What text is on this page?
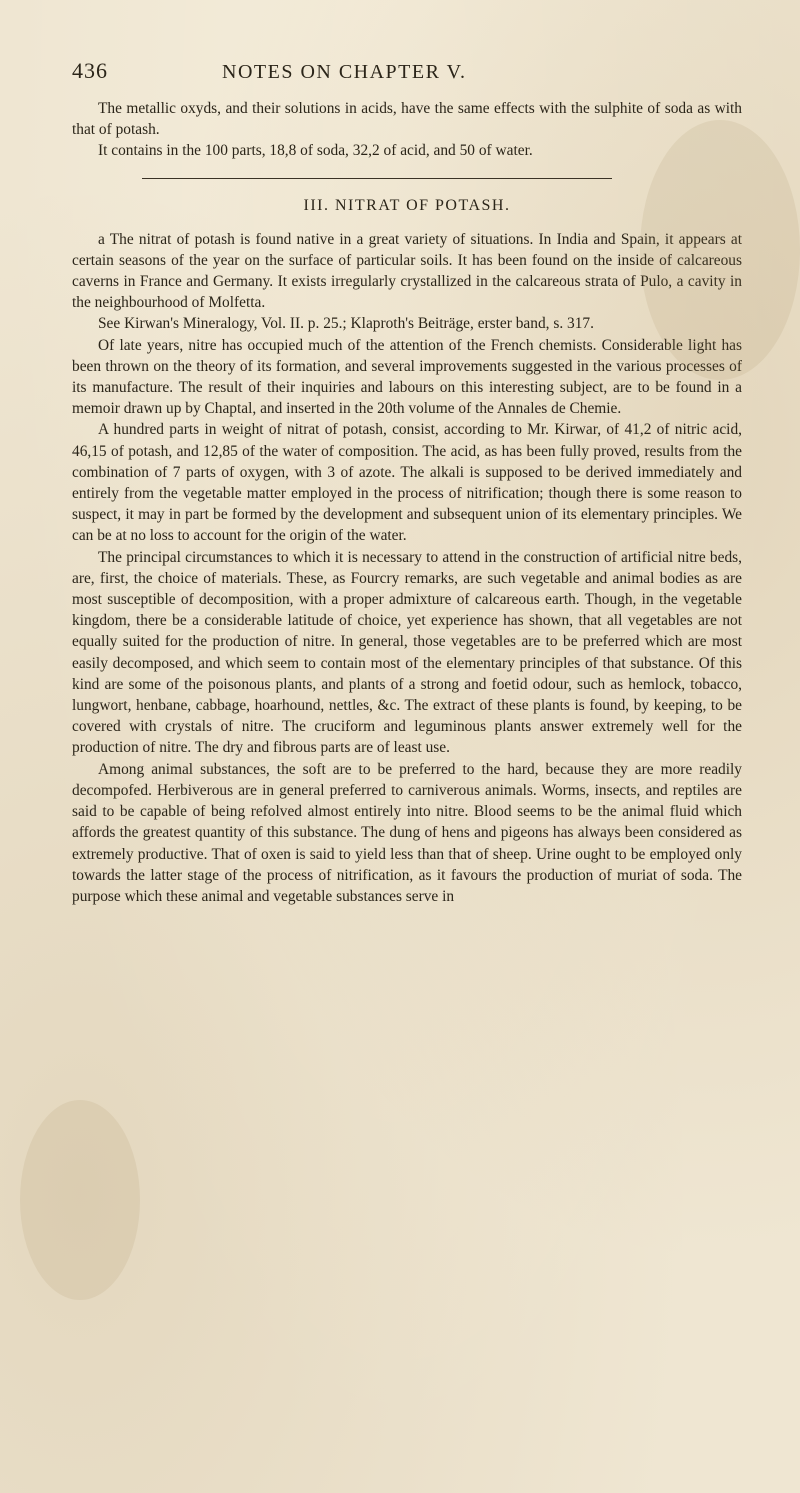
436	NOTES ON CHAPTER V.

The metallic oxyds, and their solutions in acids, have the same effects with the sulphite of soda as with that of potash.

It contains in the 100 parts, 18,8 of soda, 32,2 of acid, and 50 of water.

III. NITRAT OF POTASH.

a The nitrat of potash is found native in a great variety of situations. In India and Spain, it appears at certain seasons of the year on the surface of particular soils. It has been found on the inside of calcareous caverns in France and Germany. It exists irregularly crystallized in the calcareous strata of Pulo, a cavity in the neighbourhood of Molfetta.

See Kirwan's Mineralogy, Vol. II. p. 25.; Klaproth's Beiträge, erster band, s. 317.

Of late years, nitre has occupied much of the attention of the French chemists. Considerable light has been thrown on the theory of its formation, and several improvements suggested in the various processes of its manufacture. The result of their inquiries and labours on this interesting subject, are to be found in a memoir drawn up by Chaptal, and inserted in the 20th volume of the Annales de Chemie.

A hundred parts in weight of nitrat of potash, consist, according to Mr. Kirwar, of 41,2 of nitric acid, 46,15 of potash, and 12,85 of the water of composition. The acid, as has been fully proved, results from the combination of 7 parts of oxygen, with 3 of azote. The alkali is supposed to be derived immediately and entirely from the vegetable matter employed in the process of nitrification; though there is some reason to suspect, it may in part be formed by the development and subsequent union of its elementary principles. We can be at no loss to account for the origin of the water.

The principal circumstances to which it is necessary to attend in the construction of artificial nitre beds, are, first, the choice of materials. These, as Fourcry remarks, are such vegetable and animal bodies as are most susceptible of decomposition, with a proper admixture of calcareous earth. Though, in the vegetable kingdom, there be a considerable latitude of choice, yet experience has shown, that all vegetables are not equally suited for the production of nitre. In general, those vegetables are to be preferred which are most easily decomposed, and which seem to contain most of the elementary principles of that substance. Of this kind are some of the poisonous plants, and plants of a strong and foetid odour, such as hemlock, tobacco, lungwort, henbane, cabbage, hoarhound, nettles, &c. The extract of these plants is found, by keeping, to be covered with crystals of nitre. The cruciform and leguminous plants answer extremely well for the production of nitre. The dry and fibrous parts are of least use.

Among animal substances, the soft are to be preferred to the hard, because they are more readily decompofed. Herbiverous are in general preferred to carniverous animals. Worms, insects, and reptiles are said to be capable of being refolved almost entirely into nitre. Blood seems to be the animal fluid which affords the greatest quantity of this substance. The dung of hens and pigeons has always been considered as extremely productive. That of oxen is said to yield less than that of sheep. Urine ought to be employed only towards the latter stage of the process of nitrification, as it favours the production of muriat of soda. The purpose which these animal and vegetable substances serve in
